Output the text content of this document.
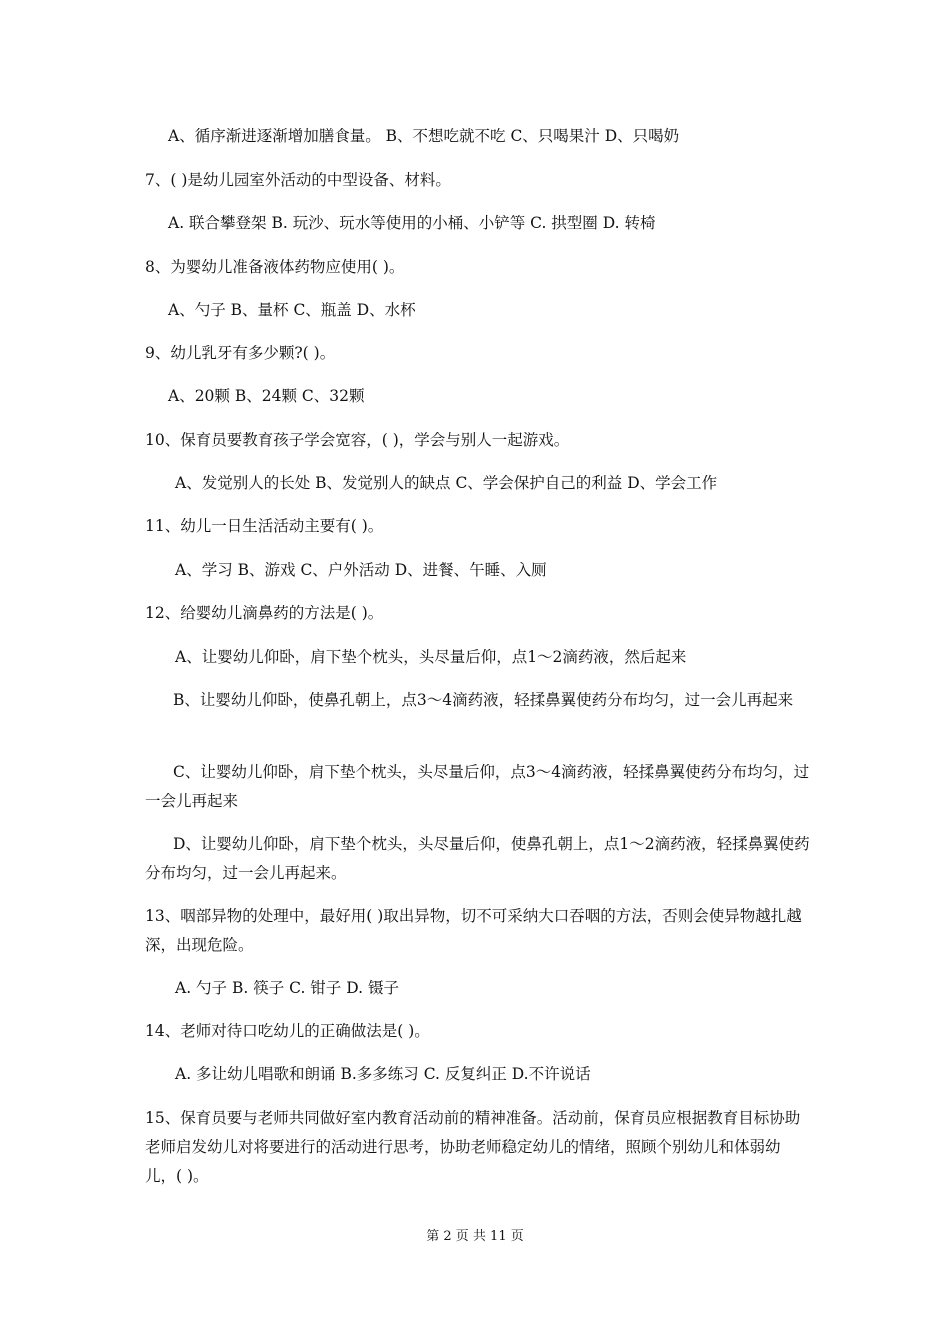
A、循序渐进逐渐增加膳食量。 B、不想吃就不吃 C、只喝果汁 D、只喝奶
7、( )是幼儿园室外活动的中型设备、材料。
A. 联合攀登架 B. 玩沙、玩水等使用的小桶、小铲等 C. 拱型圈 D. 转椅
8、为婴幼儿准备液体药物应使用( )。
A、勺子 B、量杯 C、瓶盖 D、水杯
9、幼儿乳牙有多少颗?( )。
A、20颗 B、24颗 C、32颗
10、保育员要教育孩子学会宽容，( )，学会与别人一起游戏。
A、发觉别人的长处 B、发觉别人的缺点 C、学会保护自己的利益 D、学会工作
11、幼儿一日生活活动主要有( )。
A、学习 B、游戏 C、户外活动 D、进餐、午睡、入厕
12、给婴幼儿滴鼻药的方法是( )。
A、让婴幼儿仰卧，肩下垫个枕头，头尽量后仰，点1～2滴药液，然后起来
B、让婴幼儿仰卧，使鼻孔朝上，点3～4滴药液，轻揉鼻翼使药分布均匀，过一会儿再起来
C、让婴幼儿仰卧，肩下垫个枕头，头尽量后仰，点3～4滴药液，轻揉鼻翼使药分布均匀，过一会儿再起来
D、让婴幼儿仰卧，肩下垫个枕头，头尽量后仰，使鼻孔朝上，点1～2滴药液，轻揉鼻翼使药分布均匀，过一会儿再起来。
13、咽部异物的处理中，最好用( )取出异物，切不可采纳大口吞咽的方法，否则会使异物越扎越深，出现危险。
A. 勺子 B. 筷子 C. 钳子 D. 镊子
14、老师对待口吃幼儿的正确做法是( )。
A. 多让幼儿唱歌和朗诵 B.多多练习 C. 反复纠正 D.不许说话
15、保育员要与老师共同做好室内教育活动前的精神准备。活动前，保育员应根据教育目标协助老师启发幼儿对将要进行的活动进行思考，协助老师稳定幼儿的情绪，照顾个别幼儿和体弱幼儿，( )。
第 2 页 共 11 页
